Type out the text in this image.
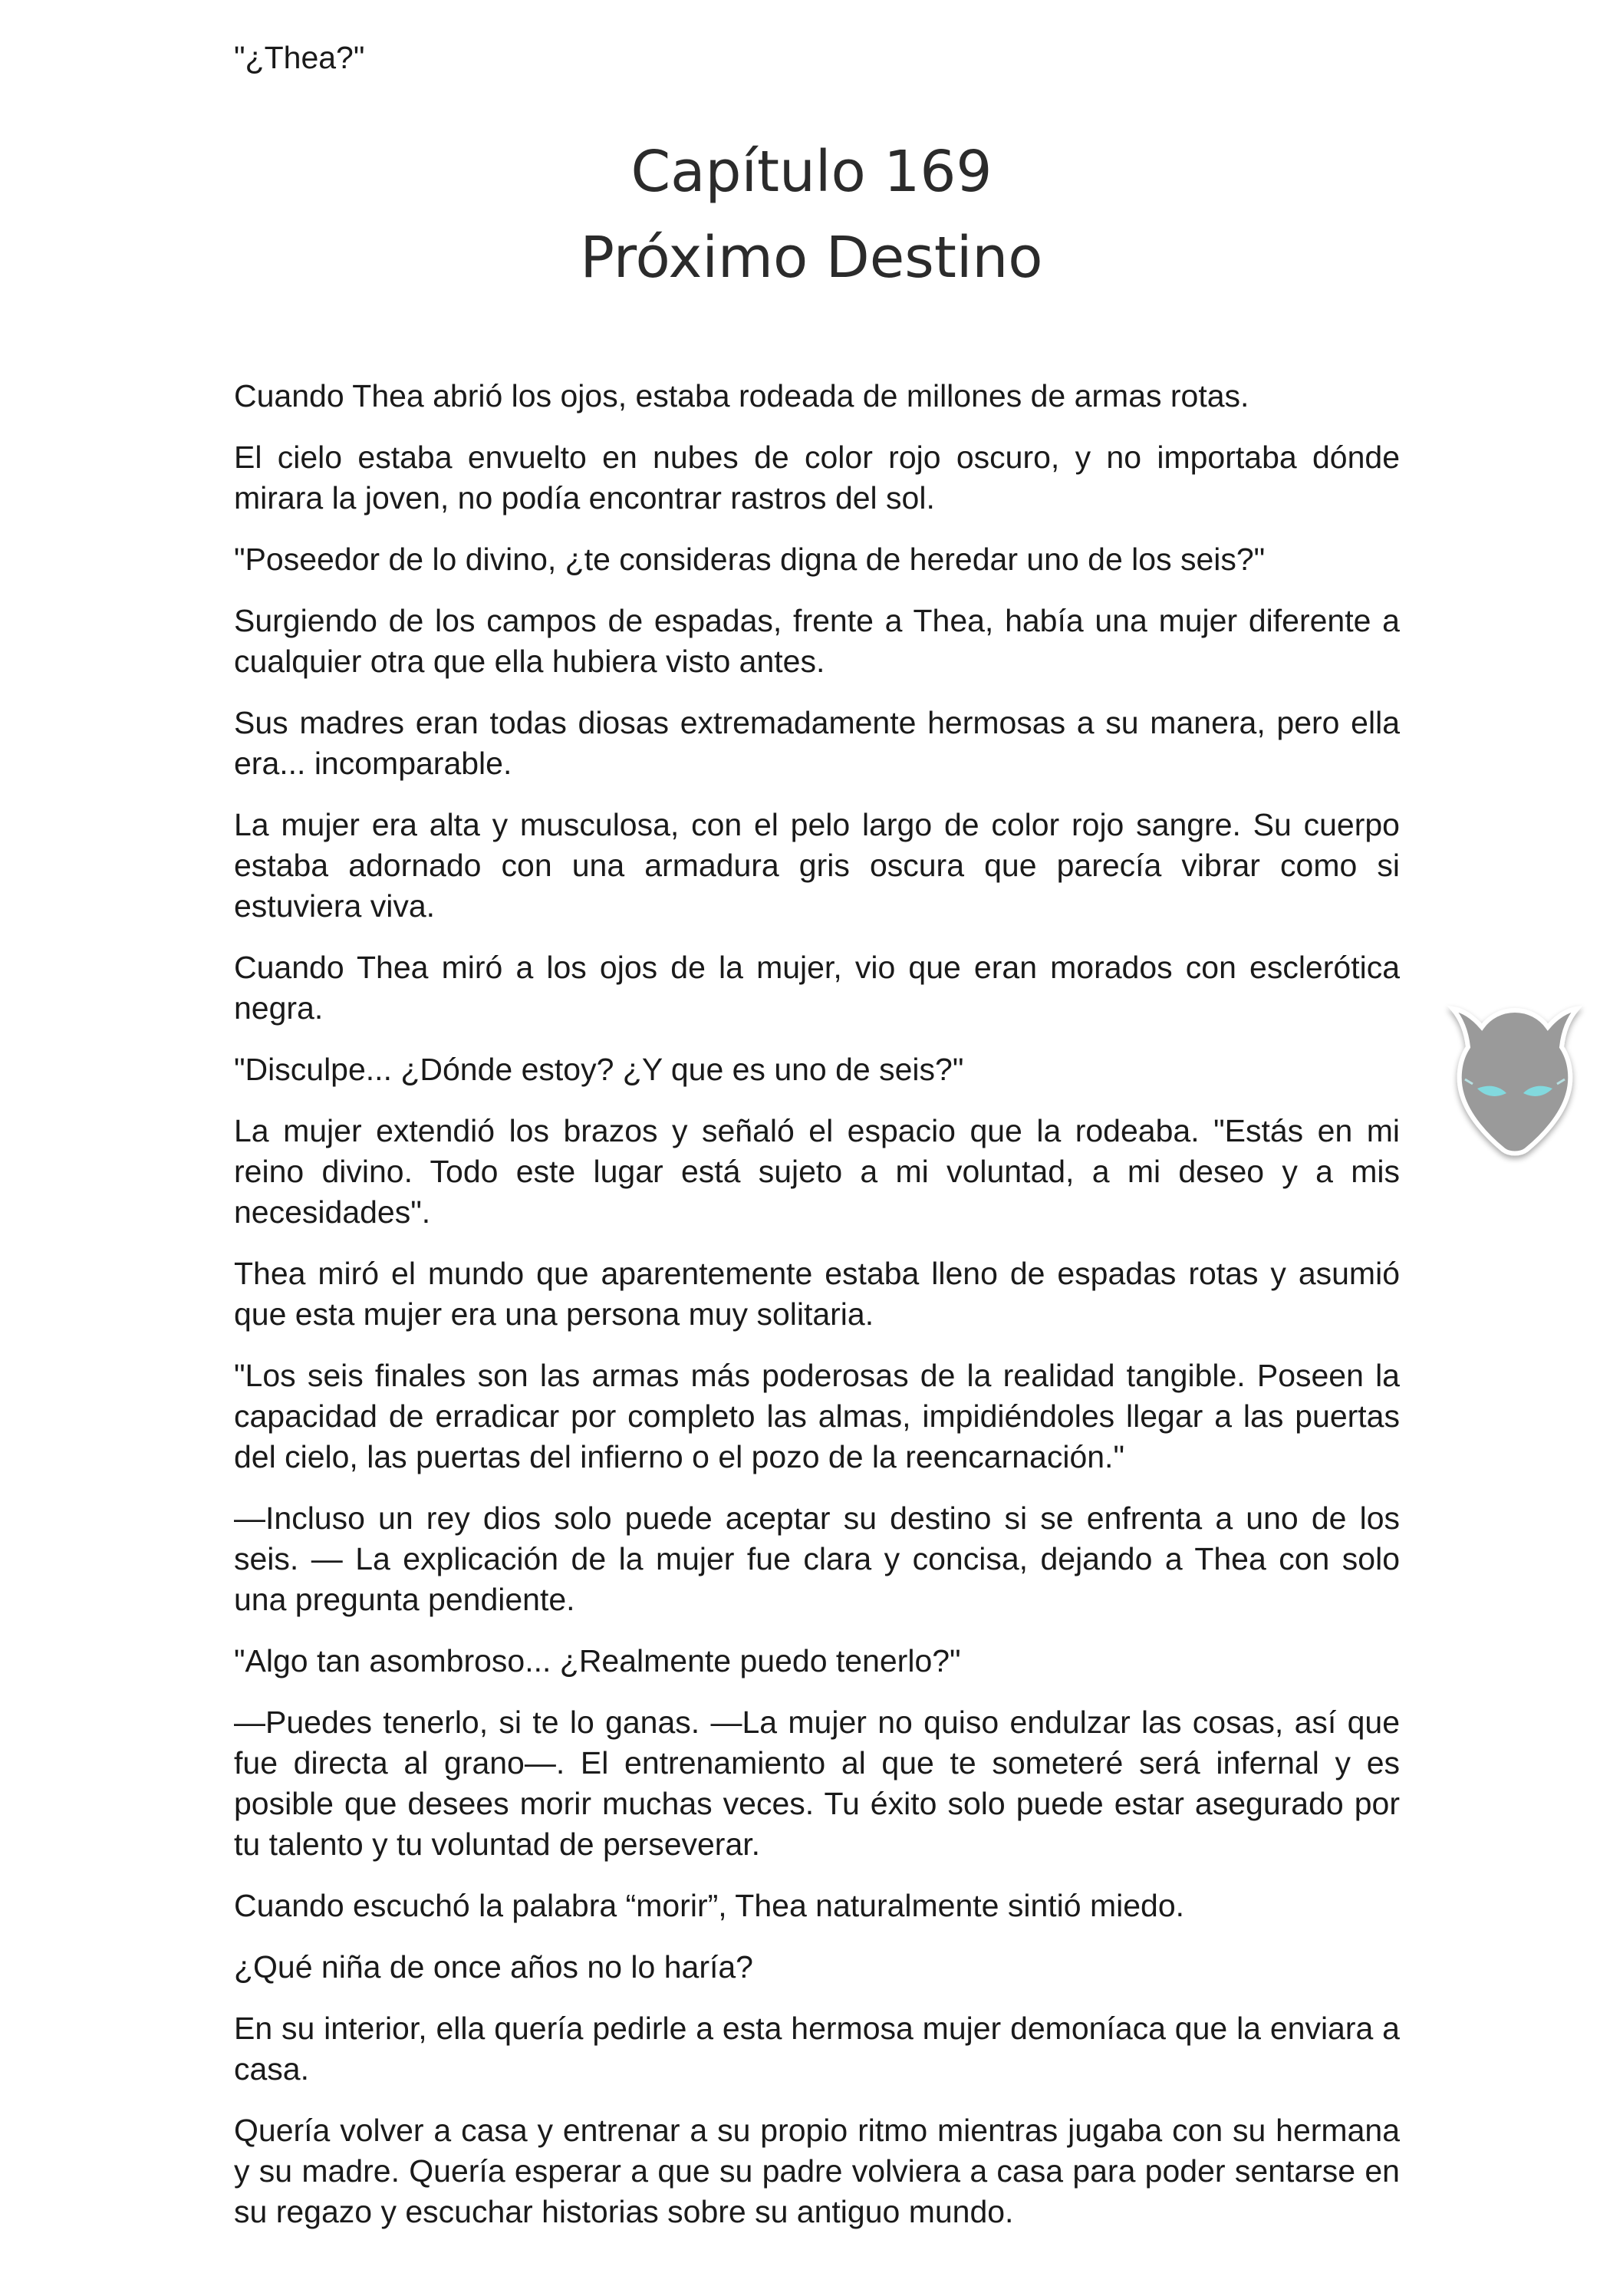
"¿Thea?"

Capítulo 169
Próximo Destino

Cuando Thea abrió los ojos, estaba rodeada de millones de armas rotas.

El cielo estaba envuelto en nubes de color rojo oscuro, y no importaba dónde mirara la joven, no podía encontrar rastros del sol.

"Poseedor de lo divino, ¿te consideras digna de heredar uno de los seis?"

Surgiendo de los campos de espadas, frente a Thea, había una mujer diferente a cualquier otra que ella hubiera visto antes.

Sus madres eran todas diosas extremadamente hermosas a su manera, pero ella era... incomparable.

La mujer era alta y musculosa, con el pelo largo de color rojo sangre. Su cuerpo estaba adornado con una armadura gris oscura que parecía vibrar como si estuviera viva.

Cuando Thea miró a los ojos de la mujer, vio que eran morados con esclerótica negra.

"Disculpe... ¿Dónde estoy? ¿Y que es uno de seis?"

La mujer extendió los brazos y señaló el espacio que la rodeaba. "Estás en mi reino divino. Todo este lugar está sujeto a mi voluntad, a mi deseo y a mis necesidades".

Thea miró el mundo que aparentemente estaba lleno de espadas rotas y asumió que esta mujer era una persona muy solitaria.

"Los seis finales son las armas más poderosas de la realidad tangible. Poseen la capacidad de erradicar por completo las almas, impidiéndoles llegar a las puertas del cielo, las puertas del infierno o el pozo de la reencarnación."

—Incluso un rey dios solo puede aceptar su destino si se enfrenta a uno de los seis. — La explicación de la mujer fue clara y concisa, dejando a Thea con solo una pregunta pendiente.

"Algo tan asombroso... ¿Realmente puedo tenerlo?"

—Puedes tenerlo, si te lo ganas. —La mujer no quiso endulzar las cosas, así que fue directa al grano—. El entrenamiento al que te someteré será infernal y es posible que desees morir muchas veces. Tu éxito solo puede estar asegurado por tu talento y tu voluntad de perseverar.

Cuando escuchó la palabra “morir”, Thea naturalmente sintió miedo.

¿Qué niña de once años no lo haría?

En su interior, ella quería pedirle a esta hermosa mujer demoníaca que la enviara a casa.

Quería volver a casa y entrenar a su propio ritmo mientras jugaba con su hermana y su madre. Quería esperar a que su padre volviera a casa para poder sentarse en su regazo y escuchar historias sobre su antiguo mundo.
